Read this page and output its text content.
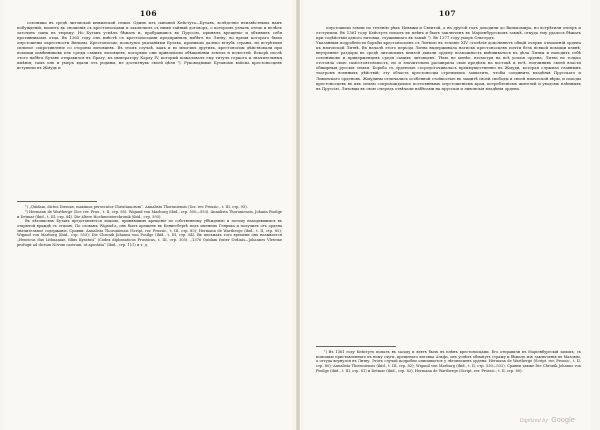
106

союзника въ средѣ литовской княжеской семьи. Одинъ изъ сыновей Кейстута—Бутавъ, вслѣдствіе неизвѣстныхъ намъ побужденій, вошелъ въ сношенія съ крестоносцами и заключилъ съ ними тайный договоръ, о которомъ узналъ отецъ и велѣлъ заточить сына въ тюрьму. Но Бутавъ успѣлъ бѣжать и, пробравшись въ Пруссію, принялъ крещеніе и объявилъ себя противникомъ отца. Въ 1365 году онъ вмѣстѣ съ крестоносцами предпринялъ набѣгъ на Литву, во время котораго были опустошены окрестности Вильны. Крестоносцы, пользуясь указаніями Бутава, проникли далеко вглубь страны, но встрѣтили сильное сопротивленіе со стороны литовцевъ. Въ этомъ случаѣ, какъ и во многихъ другихъ, крестоносцы дѣйствовали при помощи измѣнниковъ изъ среды самихъ литовцевъ, которыхъ они привлекали обѣщаніями земель и почестей. Вскорѣ послѣ этого набѣга Бутавъ отправился въ Прагу, къ императору Карлу IV, который пожаловалъ ему титулъ герцога и значительныя имѣнія; тамъ онъ и умеръ вдали отъ родины, не достигнувъ своей цѣли ¹). Руководимые Бутавомъ войска крестоносцевъ вступили въ Жмудь и

¹) „Quidam, dictus Dirsune, maximus persecutor Christianorum“. Annalista Thoruniensis (Scr. rer. Prussic., t. III, стр. 95).

²) Hermann de Wartberge (Scr. rer. Prus., t. II, стр. 85). Wigand von Marburg (ibid., стр. 550—553). Annalista Thoruniensis, Johann Posilge и Detmar (ibid., t. III, стр. 84). Die ältere Hochmeisterchronik (ibid., стр. 595).

Въ лѣтописяхъ Бутавъ представляется лицомъ, принявшимъ крещеніе по собственному убѣжденію и потому находившимся въ открытой враждѣ съ отцомъ. По словамъ Wigand'a, онъ былъ крещенъ въ Кенигсбергѣ подъ именемъ Генриха и получилъ отъ ордена значительное содержаніе. Сравни: Annalista Thoruniensis (Script. rer. Prussic., t. III, стр. 85); Hermann de Wartberge (ibid., t. II, стр. 85); Wigand von Marburg (ibid., стр. 553); Die Chronik Johanns von Posilge (ibid., t. III, стр. 84). Въ письмахъ того времени онъ называется „Henricus dux Lithuaniae, filius Kynstuti“ (Codex diplomaticus Prussicus, t. III, стр. 105). „1376 Quidam frater Ordinis—Johannes Vleteme profugit ad dictum Novum castrum, ut apostata“ (ibid., стр. 111) и т. д.

107

опустошили земли по теченію рѣкъ Невяжи и Свентой, а на другой годъ доходили до Вилькомира, но встрѣтили отпоръ и отступили. Въ 1361 году Кейстутъ попалъ въ плѣнъ и былъ заключенъ въ Маріенбургскомъ замкѣ, откуда ему удалось бѣжать при содѣйствіи одного литовца, служившаго въ замкѣ ¹). Въ 1377 году умеръ Ольгердъ.
Указанныя подробности борьбы крестоносцевъ съ Литвою въ теченіе XIV столѣтія дополняютъ общій очеркъ отношеній ордена къ языческой Литвѣ. Въ началѣ этого періода Литва выдерживала натискъ крестоносцевъ почти безъ всякой помощи извнѣ; внутренніе раздоры въ средѣ литовскихъ князей давали ордену возможность вмѣшиваться въ дѣла Литвы и находить себѣ союзниковъ и приверженцевъ среди самихъ литовцевъ. Тѣмъ не менѣе, несмотря на всѣ усилія ордена, Литва не только отстояла свою самостоятельность, но и значительно расширила свои предѣлы на востокѣ и югѣ, подчинивъ своей власти обширныя русскія земли. Борьба съ орденомъ сосредоточивалась преимущественно въ Жмуди, которая служила главнымъ театромъ военныхъ дѣйствій; эту область крестоносцы стремились захватить, чтобы соединить владѣнія Прусскаго и Ливонскаго орденовъ. Жмудины отличались особенной стойкостью въ защитѣ своей свободы и своей языческой вѣры, и походы крестоносцевъ въ ихъ землю сопровождались постояннымъ опустошеніемъ края, истребленіемъ жителей и уводомъ плѣнныхъ въ Пруссію. Литовцы въ свою очередь отвѣчали набѣгами на прусскія и ливонскія владѣнія ордена.

¹) Въ 1361 году Кейстутъ попалъ въ засаду и взятъ былъ въ плѣнъ крестоносцами. Его отправили въ Маріенбургскій замокъ; съ помощью приставленнаго къ нему слуги, крещенаго литовца Альфа, онъ успѣлъ обмануть стражу и бѣжалъ изъ заключенія въ Мазовію, а оттуда вернулся въ Литву. Этотъ случай подробно описывается у лѣтописцевъ ордена: Hermann de Wartberge (Script. rer. Prussic., t. II, стр. 80); Annalista Thoruniensis (ibid., t. III, стр. 82); Wigand von Marburg (ibid., t. II, стр. 530—532). Сравни также Die Chronik Johanns von Posilge (ibid., t. III, стр. 81) и Detmar (ibid., стр. 82). Hermann de Wartberge (Script. rer. Prussic., t. II, стр. 80).

Digitized by Google
